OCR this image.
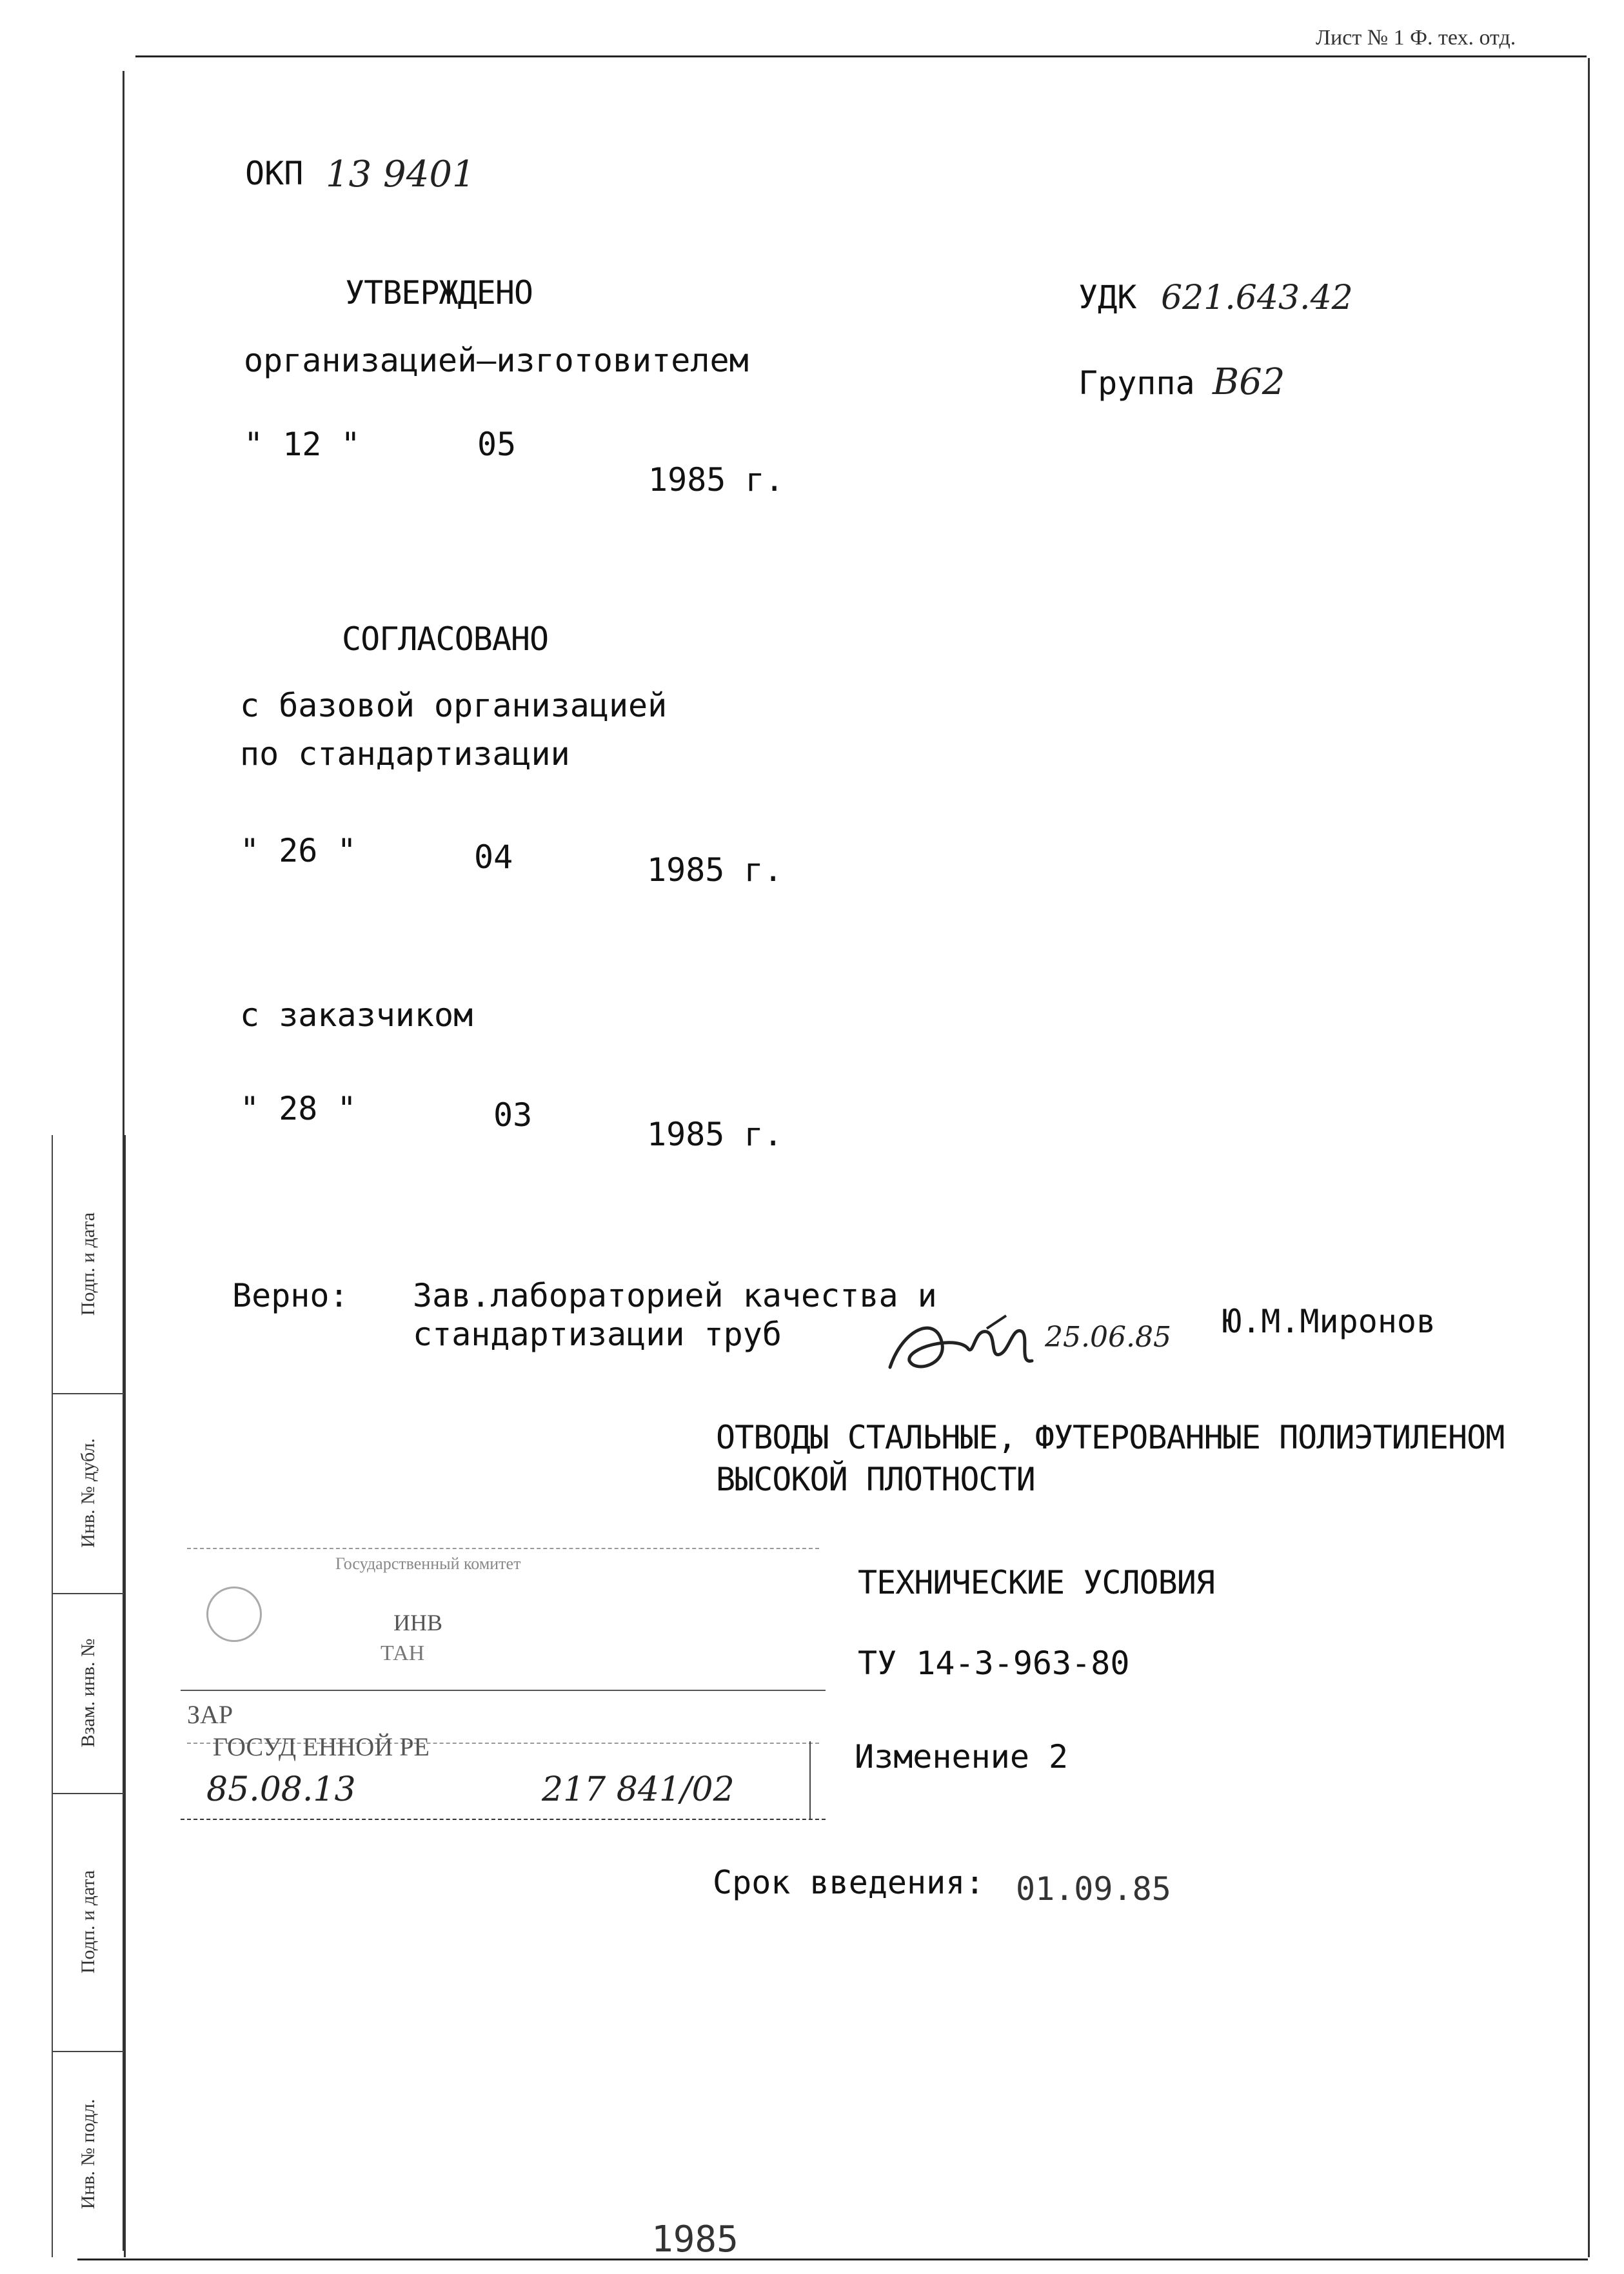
Лист № 1 Ф. тех. отд.
ОКП 13 9401
УТВЕРЖДЕНО
организацией–изготовителем
" 12 "	05
1985 г.
УДК 621.643.42
Группа В62
СОГЛАСОВАНО
с базовой организацией
по стандартизации
" 26 "	04	1985 г.
с заказчиком
" 28 "	03
1985 г.
Верно: Зав.лабораторией качества и
стандартизации труб	25.06.85 Ю.М.Миронов
ОТВОДЫ СТАЛЬНЫЕ, ФУТЕРОВАННЫЕ ПОЛИЭТИЛЕНОМ
ВЫСОКОЙ ПЛОТНОСТИ
ТЕХНИЧЕСКИЕ УСЛОВИЯ
ТУ 14-3-963-80
Изменение 2
Срок введения: 01.09.85
Государственный комитет
ИНВ
ТАН
ЗАР
ГОСУД ЕННОЙ РЕ
85.08.13	217 841/02
Подп. и дата
Инв. № дубл.
Взам. инв. №
Подп. и дата
Инв. № подл.
1985
